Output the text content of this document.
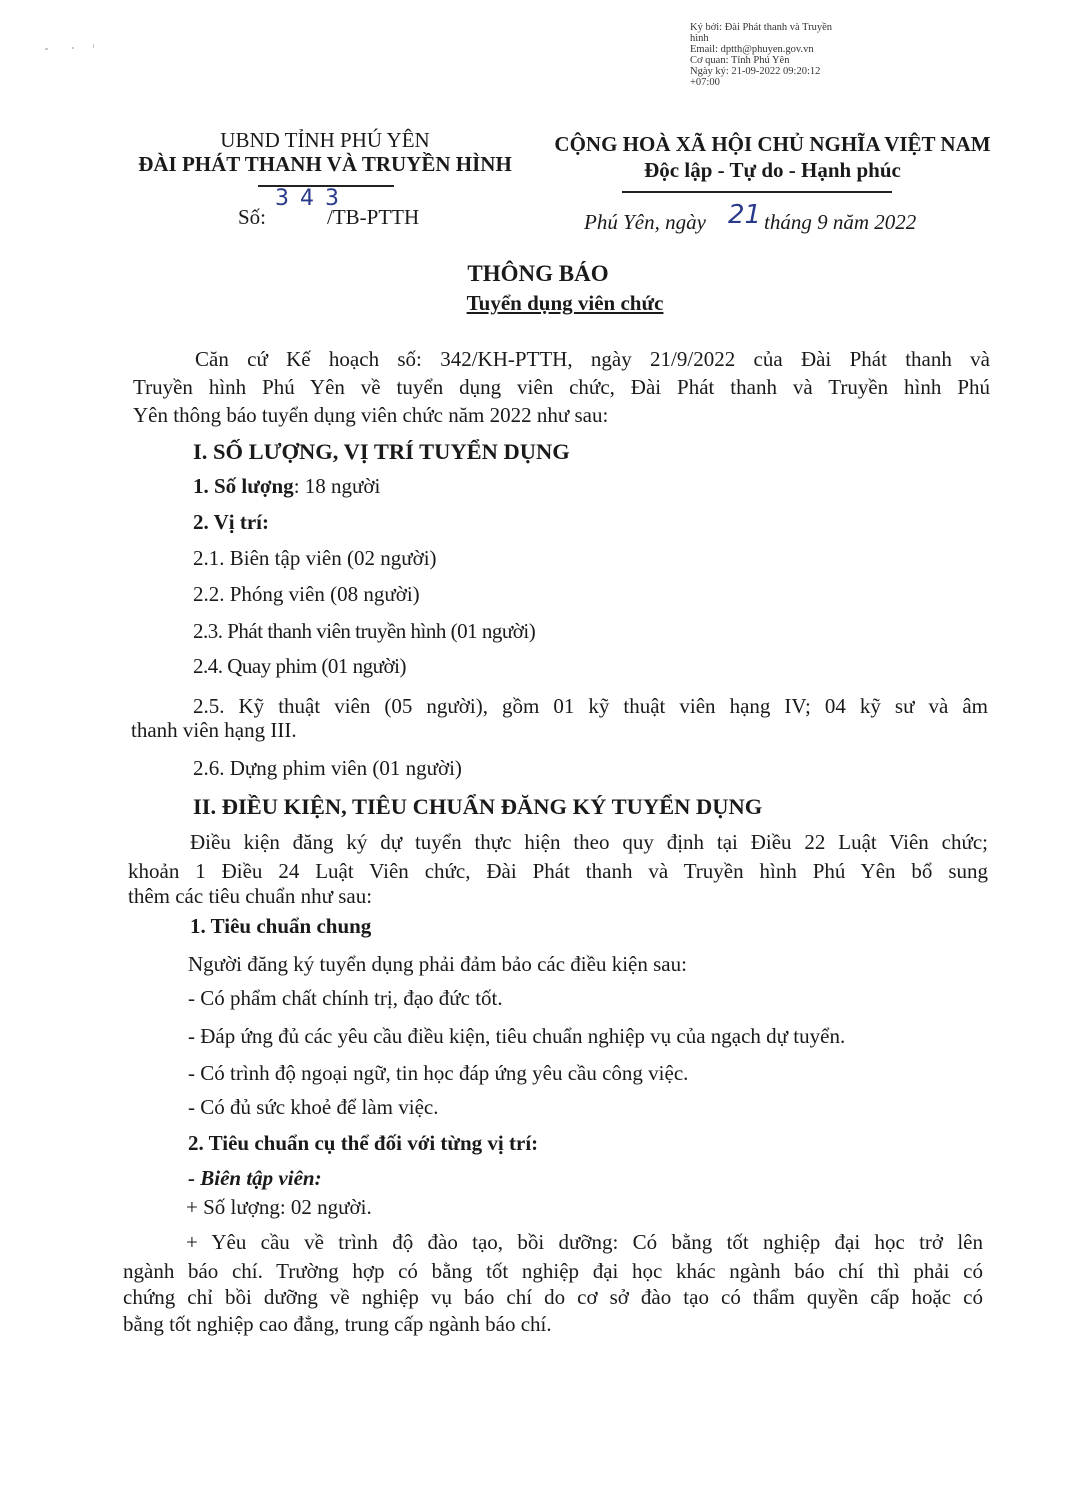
Ký bởi: Đài Phát thanh và Truyền
hình
Email: dptth@phuyen.gov.vn
Cơ quan: Tỉnh Phú Yên
Ngày ký: 21-09-2022 09:20:12
+07:00
UBND TỈNH PHÚ YÊN
ĐÀI PHÁT THANH VÀ TRUYỀN HÌNH
Số:
3 4 3
/TB-PTTH
CỘNG HOÀ XÃ HỘI CHỦ NGHĨA VIỆT NAM
Độc lập - Tự do - Hạnh phúc
Phú Yên, ngày 21 tháng 9 năm 2022
THÔNG BÁO
Tuyển dụng viên chức
Căn cứ Kế hoạch số: 342/KH-PTTH, ngày 21/9/2022 của Đài Phát thanh và
Truyền hình Phú Yên về tuyển dụng viên chức, Đài Phát thanh và Truyền hình Phú
Yên thông báo tuyển dụng viên chức năm 2022 như sau:
I. SỐ LƯỢNG, VỊ TRÍ TUYỂN DỤNG
1. Số lượng: 18 người
2. Vị trí:
2.1. Biên tập viên (02 người)
2.2. Phóng viên (08 người)
2.3. Phát thanh viên truyền hình (01 người)
2.4. Quay phim (01 người)
2.5. Kỹ thuật viên (05 người), gồm 01 kỹ thuật viên hạng IV; 04 kỹ sư và âm
thanh viên hạng III.
2.6. Dựng phim viên (01 người)
II. ĐIỀU KIỆN, TIÊU CHUẨN ĐĂNG KÝ TUYỂN DỤNG
Điều kiện đăng ký dự tuyển thực hiện theo quy định tại Điều 22 Luật Viên chức;
khoản 1 Điều 24 Luật Viên chức, Đài Phát thanh và Truyền hình Phú Yên bổ sung
thêm các tiêu chuẩn như sau:
1. Tiêu chuẩn chung
Người đăng ký tuyển dụng phải đảm bảo các điều kiện sau:
- Có phẩm chất chính trị, đạo đức tốt.
- Đáp ứng đủ các yêu cầu điều kiện, tiêu chuẩn nghiệp vụ của ngạch dự tuyển.
- Có trình độ ngoại ngữ, tin học đáp ứng yêu cầu công việc.
- Có đủ sức khoẻ để làm việc.
2. Tiêu chuẩn cụ thể đối với từng vị trí:
- Biên tập viên:
+ Số lượng: 02 người.
+ Yêu cầu về trình độ đào tạo, bồi dưỡng: Có bằng tốt nghiệp đại học trở lên
ngành báo chí. Trường hợp có bằng tốt nghiệp đại học khác ngành báo chí thì phải có
chứng chỉ bồi dưỡng về nghiệp vụ báo chí do cơ sở đào tạo có thẩm quyền cấp hoặc có
bằng tốt nghiệp cao đẳng, trung cấp ngành báo chí.
